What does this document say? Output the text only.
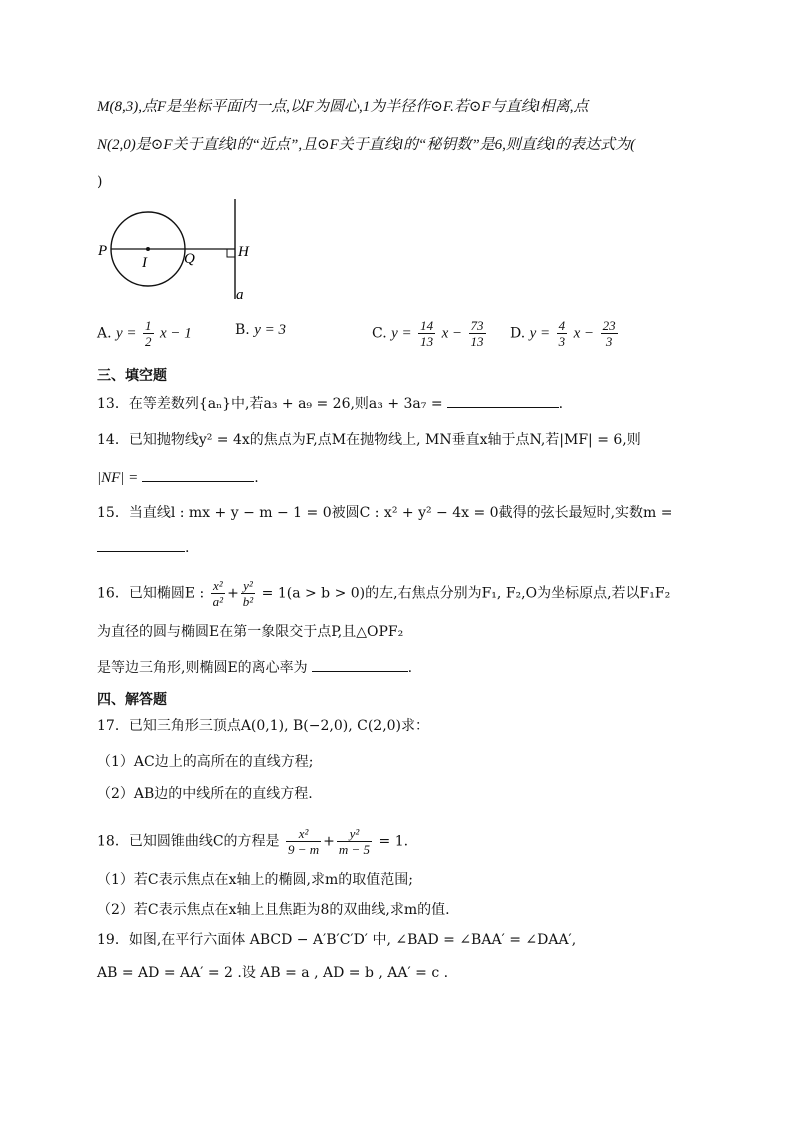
M(8,3),点F是坐标平面内一点,以F为圆心,1为半径作⊙F.若⊙F与直线l相离,点
N(2,0)是⊙F关于直线l的“近点”,且⊙F关于直线l的“秘钥数”是6,则直线l的表达式为(
)
P
I Q	H
a
A. $y = \frac{1}{2}$ x − 1	B. y = 3	C. $y = \frac{14}{13}$ $x - \frac{73}{13} D$. $y = \frac{4}{3}$ $x - \frac{23}{3}$
三、填空题
13．在等差数列{aₙ}中,若a₃ + a₉ = 26,则a₃ + 3a₇ =	.
14．已知抛物线y² = 4x的焦点为F,点M在抛物线上, MN垂直x轴于点N,若|MF| = 6,则
|NF| =	.
15．当直线l : mx + y − m − 1 = 0被圆C : x² + y² − 4x = 0截得的弦长最短时,实数m =
.
16．已知椭圆E : $\frac{\text{x²}}{\text{a²}} + \frac{\text{y²}}{\text{b²}} = 1(a > b > 0)$的左,右焦点分别为F₁, F₂,O为坐标原点,若以F₁F₂
为直径的圆与椭圆E在第一象限交于点P,且△OPF₂
是等边三角形,则椭圆E的离心率为	.
四、解答题
17．已知三角形三顶点A(0,1), B(−2,0), C(2,0)求：
（1）AC边上的高所在的直线方程;
（2）AB边的中线所在的直线方程.
18．已知圆锥曲线C的方程是 $\frac{\text{x²}}{9 - m} + \frac{\text{y²}}{m - 5} = 1$.
（1）若C表示焦点在x轴上的椭圆,求m的取值范围;
（2）若C表示焦点在x轴上且焦距为8的双曲线,求m的值.
19．如图,在平行六面体 ABCD − A′B′C′D′ 中, ∠BAD = ∠BAA′ = ∠DAA′,
AB = AD = AA′ = 2 .设 AB = a , AD = b , AA′ = c .
